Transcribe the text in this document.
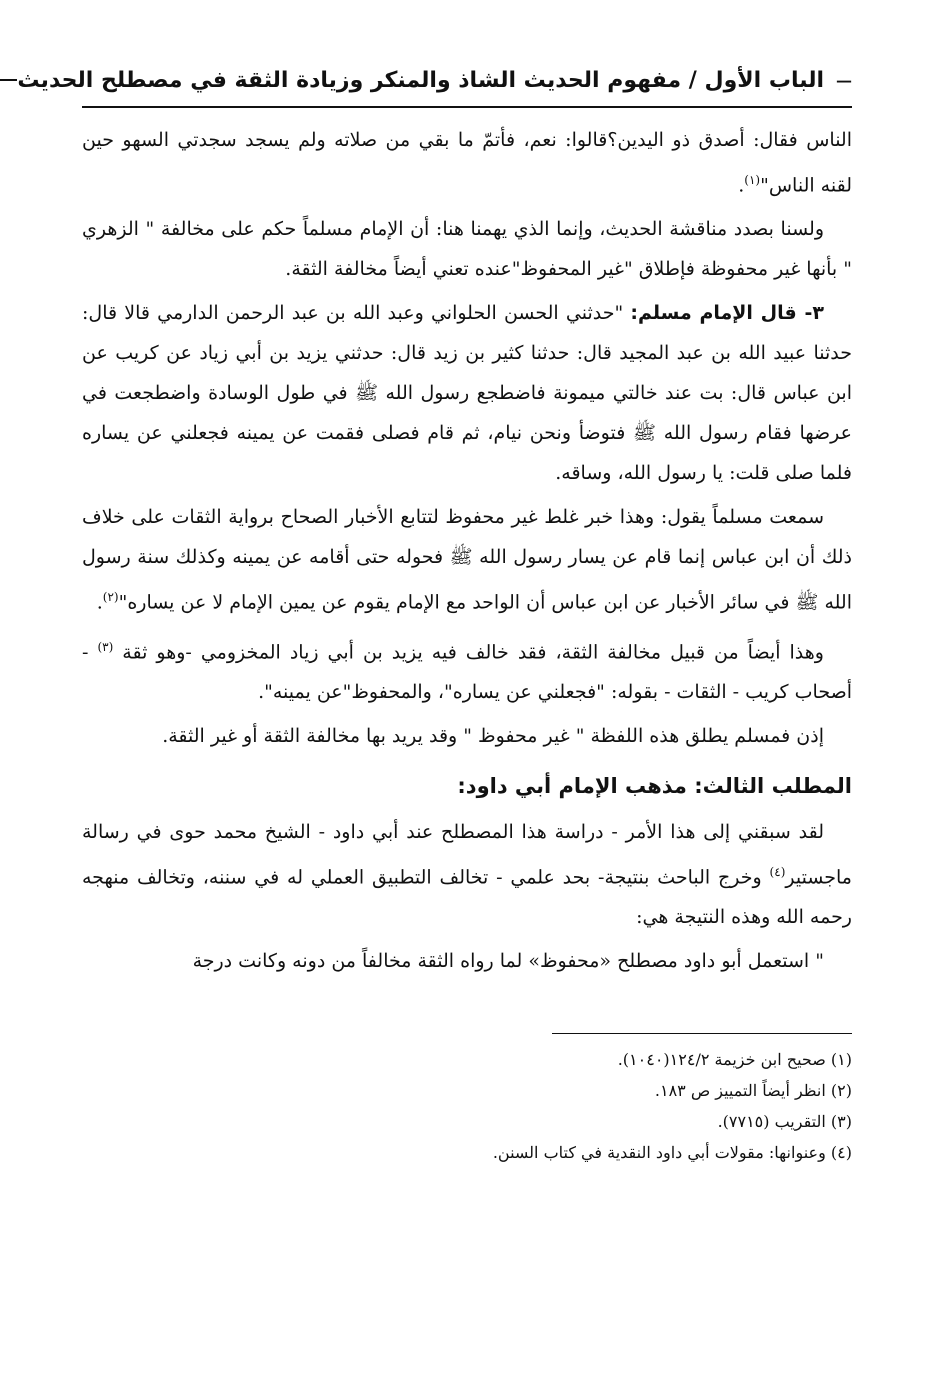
—
الباب الأول / مفهوم الحديث الشاذ والمنكر وزيادة الثقة في مصطلح الحديث

الناس فقال: أصدق ذو اليدين؟قالوا: نعم، فأتمّ ما بقي من صلاته ولم يسجد سجدتي السهو حين لقنه الناس"$^{(١)}$.

ولسنا بصدد مناقشة الحديث، وإنما الذي يهمنا هنا: أن الإمام مسلماً حكم على مخالفة " الزهري " بأنها غير محفوظة فإطلاق "غير المحفوظ"عنده تعني أيضاً مخالفة الثقة.

٣- قال الإمام مسلم: "حدثني الحسن الحلواني وعبد الله بن عبد الرحمن الدارمي قالا قال: حدثنا عبيد الله بن عبد المجيد قال: حدثنا كثير بن زيد قال: حدثني يزيد بن أبي زياد عن كريب عن ابن عباس قال: بت عند خالتي ميمونة فاضطجع رسول الله ﷺ في طول الوسادة واضطجعت في عرضها فقام رسول الله ﷺ فتوضأ ونحن نيام، ثم قام فصلى فقمت عن يمينه فجعلني عن يساره فلما صلى قلت: يا رسول الله، وساقه.

سمعت مسلماً يقول: وهذا خبر غلط غير محفوظ لتتابع الأخبار الصحاح برواية الثقات على خلاف ذلك أن ابن عباس إنما قام عن يسار رسول الله ﷺ فحوله حتى أقامه عن يمينه وكذلك سنة رسول الله ﷺ في سائر الأخبار عن ابن عباس أن الواحد مع الإمام يقوم عن يمين الإمام لا عن يساره"$^{(٢)}$.

وهذا أيضاً من قبيل مخالفة الثقة، فقد خالف فيه يزيد بن أبي زياد المخزومي -وهو ثقة $^{(٣)}$ - أصحاب كريب - الثقات - بقوله: "فجعلني عن يساره"، والمحفوظ"عن يمينه".

إذن فمسلم يطلق هذه اللفظة " غير محفوظ " وقد يريد بها مخالفة الثقة أو غير الثقة.

المطلب الثالث: مذهب الإمام أبي داود:

لقد سبقني إلى هذا الأمر - دراسة هذا المصطلح عند أبي داود - الشيخ محمد حوى في رسالة ماجستير$^{(٤)}$ وخرج الباحث بنتيجة- بحد علمي - تخالف التطبيق العملي له في سننه، وتخالف منهجه رحمه الله وهذه النتيجة هي:

" استعمل أبو داود مصطلح «محفوظ» لما رواه الثقة مخالفاً من دونه وكانت درجة

(١) صحيح ابن خزيمة ١٢٤/٢(١٠٤٠).
(٢) انظر أيضاً التمييز ص ١٨٣.
(٣) التقريب (٧٧١٥).
(٤) وعنوانها: مقولات أبي داود النقدية في كتاب السنن.
